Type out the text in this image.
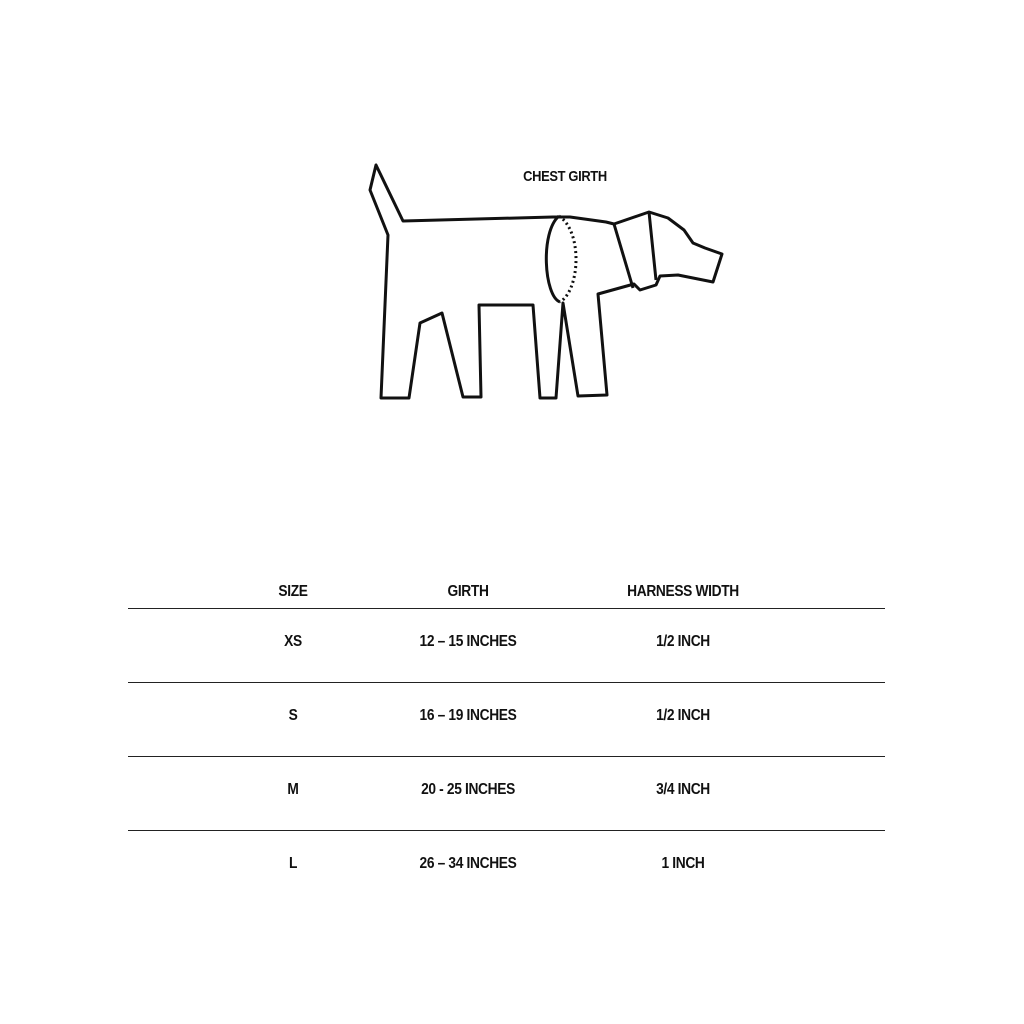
CHEST GIRTH
SIZE	GIRTH	HARNESS WIDTH
XS	12 – 15 INCHES	1/2 INCH
S	16 – 19 INCHES	1/2 INCH
M	20 - 25 INCHES	3/4 INCH
L	26 – 34 INCHES	1 INCH
